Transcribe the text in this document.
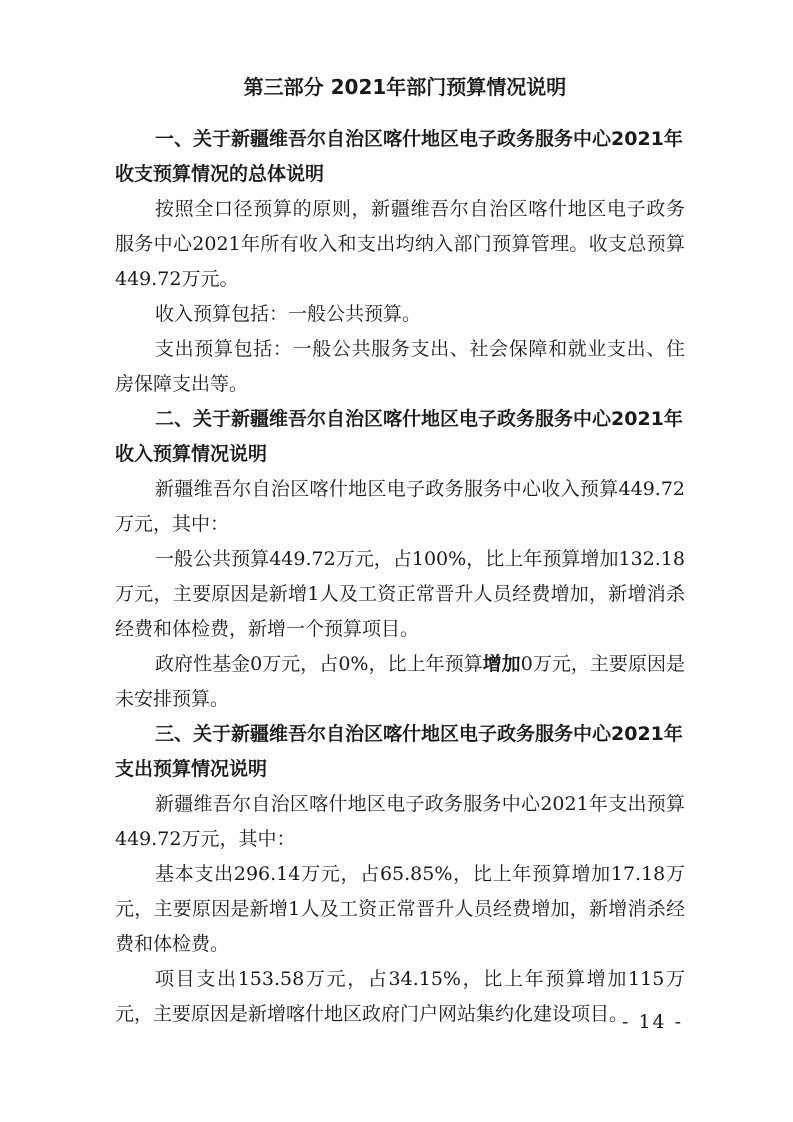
第三部分 2021年部门预算情况说明

一、关于新疆维吾尔自治区喀什地区电子政务服务中心2021年收支预算情况的总体说明

按照全口径预算的原则，新疆维吾尔自治区喀什地区电子政务服务中心2021年所有收入和支出均纳入部门预算管理。收支总预算449.72万元。

收入预算包括：一般公共预算。

支出预算包括：一般公共服务支出、社会保障和就业支出、住房保障支出等。

二、关于新疆维吾尔自治区喀什地区电子政务服务中心2021年收入预算情况说明

新疆维吾尔自治区喀什地区电子政务服务中心收入预算449.72万元，其中：

一般公共预算449.72万元，占100%，比上年预算增加132.18万元，主要原因是新增1人及工资正常晋升人员经费增加，新增消杀经费和体检费，新增一个预算项目。

政府性基金0万元，占0%，比上年预算增加0万元，主要原因是未安排预算。

三、关于新疆维吾尔自治区喀什地区电子政务服务中心2021年支出预算情况说明

新疆维吾尔自治区喀什地区电子政务服务中心2021年支出预算449.72万元，其中：

基本支出296.14万元，占65.85%，比上年预算增加17.18万元，主要原因是新增1人及工资正常晋升人员经费增加，新增消杀经费和体检费。

项目支出153.58万元，占34.15%，比上年预算增加115万元，主要原因是新增喀什地区政府门户网站集约化建设项目。

- 14 -
